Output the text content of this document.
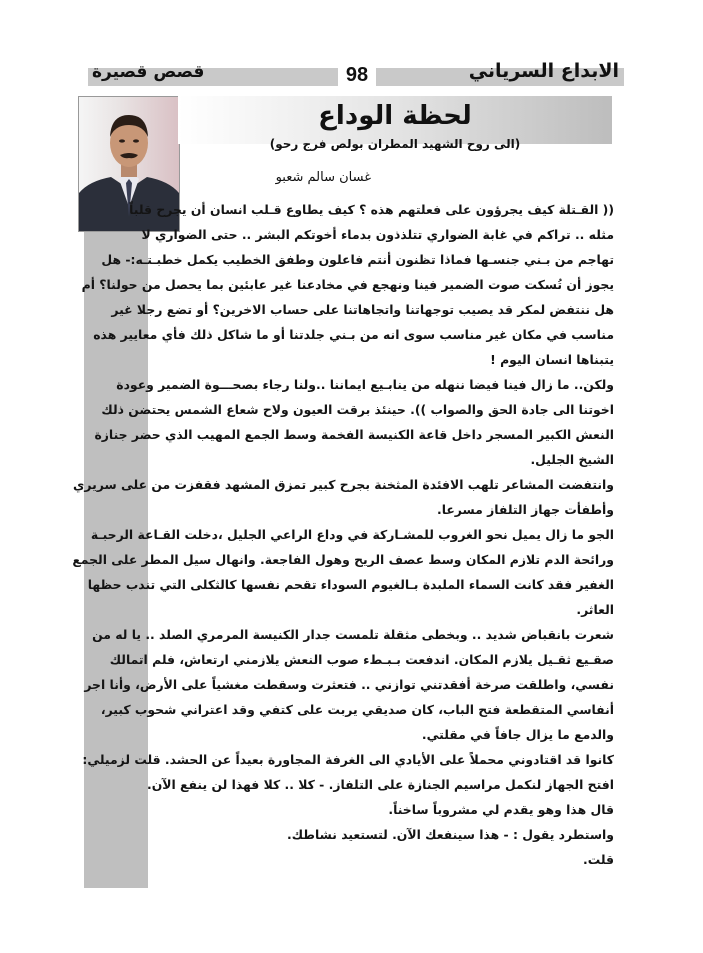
الابداع السرياني
98
قصص قصيرة
لحظة الوداع
(الى روح الشهيد المطران بولص فرج رحو)
غسان سالم شعبو
(( القـتلة كيف يجرؤون على فعلتهم هذه ؟ كيف يطاوع قـلب انسان أن يجرح قلباً
مثله .. تراكم في غابة الضواري تتلذذون بدماء أخوتكم البشر .. حتى الضواري لا
تهاجم من بـني جنسـها فماذا تظنون أنتم فاعلون وطفق الخطيب يكمل خطبـتـه:- هل
يجوز أن تُسكت صوت الضمير فينا ونهجع في مخادعنا غير عابئين بما يحصل من حولنا؟ أم
هل ننتفض لمكر قد يصيب توجهاتنا واتجاهاتنا على حساب الاخرين؟ أو تضع رجلا غير
مناسب في مكان غير مناسب سوى انه من بـني جلدتنا أو ما شاكل ذلك فأي معايير هذه
يتبناها انسان اليوم !
ولكن.. ما زال فينا فيضا ننهله من ينابـيع ايماننا ..ولنا رجاء بصحـــوة الضمير وعودة
اخوتنا الى جادة الحق والصواب )). حينئذ برقت العيون ولاح شعاع الشمس يحتضن ذلك
النعش الكبير المسجر داخل قاعة الكنيسة الفخمة وسط الجمع المهيب الذي حضر جنازة
الشيخ الجليل.
وانتفضت المشاعر تلهب الافئدة المثخنة بجرح كبير تمزق المشهد فقفزت من على سريري
وأطفأت جهاز التلفاز مسرعا.
الجو ما زال يميل نحو الغروب للمشـاركة في وداع الراعي الجليل ،دخلت القـاعة الرحبـة
ورائحة الدم تلازم المكان وسط عصف الريح وهول الفاجعة. وانهال سيل المطر على الجمع
الغفير فقد كانت السماء الملبدة بـالغيوم السوداء تقحم نفسها كالثكلى التي تندب حظها
العاثر.
شعرت بانقباض شديد .. وبخطى مثقلة تلمست جدار الكنيسة المرمري الصلد .. يا له من
صقـيع ثقـيل يلازم المكان. اندفعت بـبـطء صوب النعش يلازمني ارتعاش، فلم اتمالك
نفسي، واطلقت صرخة أفقدتني توازني .. فتعثرت وسقطت مغشياً على الأرض، وأنا اجر
أنفاسي المتقطعة فتح الباب، كان صديقي يربت على كتفي وقد اعتراني شحوب كبير،
والدمع ما يزال جافاً في مقلتي.
كانوا قد اقتادوني محملاً على الأيادي الى الغرفة المجاورة بعيداً عن الحشد. قلت لزميلي:
افتح الجهاز لنكمل مراسيم الجنازة على التلفاز. - كلا .. كلا فهذا لن ينفع الآن.
قال هذا وهو يقدم لي مشروباً ساخناً.
واستطرد يقول : - هذا سينفعك الآن. لتستعيد نشاطك.
قلت.
